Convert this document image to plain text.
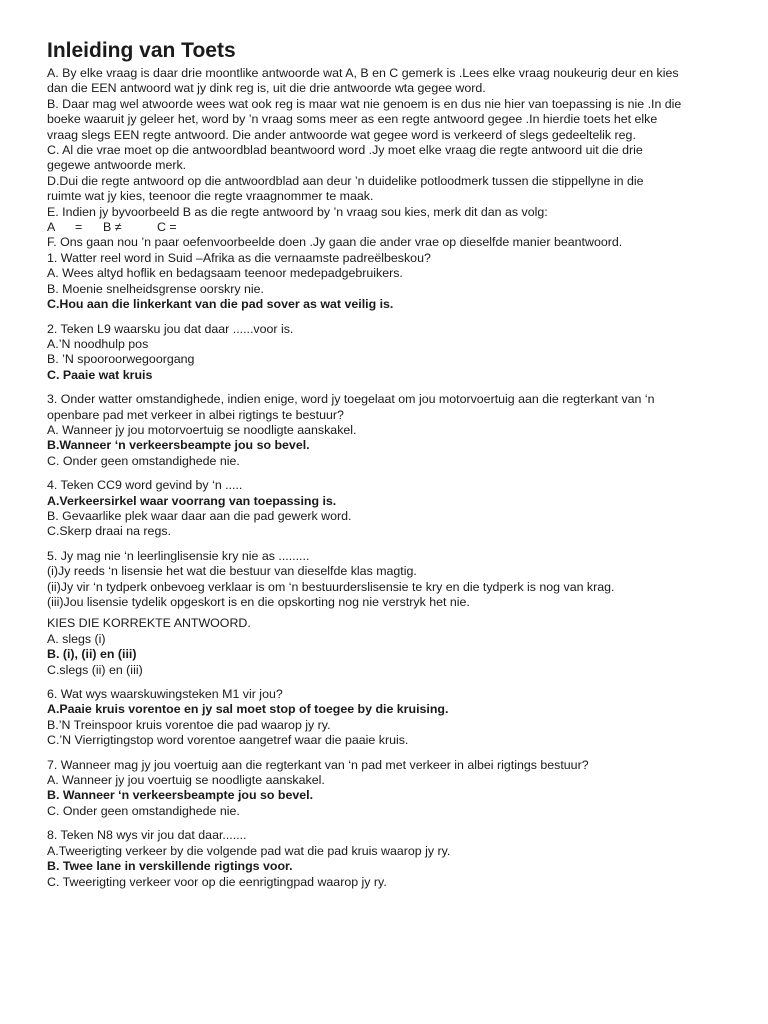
Inleiding van Toets
A. By elke vraag is daar drie moontlike antwoorde wat A, B en C gemerk is .Lees elke vraag noukeurig deur en kies
dan die EEN antwoord wat jy dink reg is, uit die drie antwoorde wta gegee word.
B. Daar mag wel atwoorde wees wat ook reg is maar wat nie genoem is en dus nie hier van toepassing is nie .In die
boeke waaruit jy geleer het, word by ’n vraag soms meer as een regte antwoord gegee .In hierdie toets het elke
vraag slegs EEN regte antwoord. Die ander antwoorde wat gegee word is verkeerd of slegs gedeeltelik reg.
C. Al die vrae moet op die antwoordblad beantwoord word .Jy moet elke vraag die regte antwoord uit die drie
gegewe antwoorde merk.
D.Dui die regte antwoord op die antwoordblad aan deur ’n duidelike potloodmerk tussen die stippellyne in die
ruimte wat jy kies, teenoor die regte vraagnommer te maak.
E. Indien jy byvoorbeeld B as die regte antwoord by ’n vraag sou kies, merk dit dan as volg:
A = B ≠	C =
F. Ons gaan nou ’n paar oefenvoorbeelde doen .Jy gaan die ander vrae op dieselfde manier beantwoord.
1. Watter reel word in Suid –Afrika as die vernaamste padreëlbeskou?
A. Wees altyd hoflik en bedagsaam teenoor medepadgebruikers.
B. Moenie snelheidsgrense oorskry nie.
C.Hou aan die linkerkant van die pad sover as wat veilig is.
2. Teken L9 waarsku jou dat daar ......voor is.
A.’N noodhulp pos
B. ’N spooroorwegoorgang
C. Paaie wat kruis
3. Onder watter omstandighede, indien enige, word jy toegelaat om jou motorvoertuig aan die regterkant van ‘n
openbare pad met verkeer in albei rigtings te bestuur?
A. Wanneer jy jou motorvoertuig se noodligte aanskakel.
B.Wanneer ‘n verkeersbeampte jou so bevel.
C. Onder geen omstandighede nie.
4. Teken CC9 word gevind by ‘n .....
A.Verkeersirkel waar voorrang van toepassing is.
B. Gevaarlike plek waar daar aan die pad gewerk word.
C.Skerp draai na regs.
5. Jy mag nie ‘n leerlinglisensie kry nie as .........
(i)Jy reeds ‘n lisensie het wat die bestuur van dieselfde klas magtig.
(ii)Jy vir ‘n tydperk onbevoeg verklaar is om ‘n bestuurderslisensie te kry en die tydperk is nog van krag.
(iii)Jou lisensie tydelik opgeskort is en die opskorting nog nie verstryk het nie.
KIES DIE KORREKTE ANTWOORD.
A. slegs (i)
B. (i), (ii) en (iii)
C.slegs (ii) en (iii)
6. Wat wys waarskuwingsteken M1 vir jou?
A.Paaie kruis vorentoe en jy sal moet stop of toegee by die kruising.
B.’N Treinspoor kruis vorentoe die pad waarop jy ry.
C.’N Vierrigtingstop word vorentoe aangetref waar die paaie kruis.
7. Wanneer mag jy jou voertuig aan die regterkant van ‘n pad met verkeer in albei rigtings bestuur?
A. Wanneer jy jou voertuig se noodligte aanskakel.
B. Wanneer ‘n verkeersbeampte jou so bevel.
C. Onder geen omstandighede nie.
8. Teken N8 wys vir jou dat daar.......
A.Tweerigting verkeer by die volgende pad wat die pad kruis waarop jy ry.
B. Twee lane in verskillende rigtings voor.
C. Tweerigting verkeer voor op die eenrigtingpad waarop jy ry.
